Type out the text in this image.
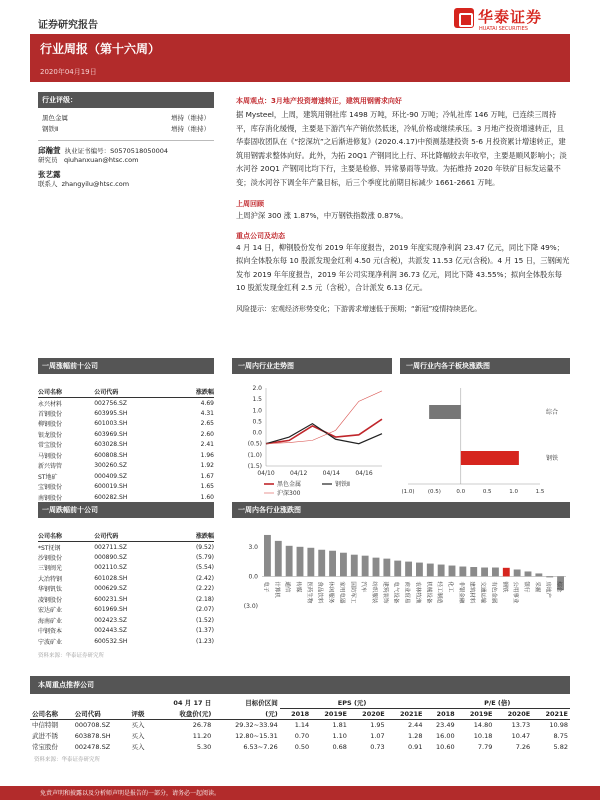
证券研究报告	华泰证券
HUATAI SECURITIES
行业周报（第十六周）
2020年04月19日
行业评级：
黑色金属	增持（维持）
钢铁Ⅱ	增持（维持）
邱瀚萱 执业证书编号：S0570518050004
研究员	qiuhanxuan@htsc.com
张艺露
联系人 zhangyilu@htsc.com
本周观点：3月地产投资增速转正，建筑用钢需求向好
据 Mysteel，上周，建筑用钢社库 1498 万吨，环比-90 万吨；冷轧社库 146 万吨，已连续三周持平，库存消化缓慢，主要是下游汽车产销依然低迷，冷轧价格或继续承压。3 月地产投资增速转正，且华泰固收团队在《“挖深坑”之后渐进修复》(2020.4.17)中预测基建投资 5-6 月投资累计增速转正，建筑用钢需求整体向好。此外，为拓 20Q1 产钢同比上行、环比降幅较去年收窄，主要是順风影响小；淡水河谷 20Q1 产钢同比均下行，主要是检修、异常暴雨等导致。为拓维持 2020 年铁矿目标发运量不变；淡水河谷下调全年产量目标，后三个季度比前期目标减少 1661-2661 万吨。
上周回顾
上周沪深 300 涨 1.87%，中万钢铁指数涨 0.87%。
重点公司及动态
4 月 14 日，柳钢股份发布 2019 年年度报告，2019 年度实现净利润 23.47 亿元，同比下降 49%；拟向全体股东每 10 股派发现金红利 4.50 元(含税)，共派发 11.53 亿元(含税)。4 月 15 日，三钢闽光发布 2019 年年度报告，2019 年公司实现净利润 36.73 亿元，同比下降 43.55%；拟向全体股东每 10 股派发现金红利 2.5 元（含税），合计派发 6.13 亿元。
风险提示：宏观经济形势变化；下游需求增速低于预期；“新冠”疫情持续恶化。
一周涨幅前十公司
公司名称	公司代码	涨跌幅
永兴材料	002756.SZ	4.69
首钢股份	603995.SH	4.31
柳钢股份	601003.SH	2.65
银龙股份	603969.SH	2.60
常宝股份	603028.SH	2.41
马钢股份	600808.SH	1.96
新兴铸管	300260.SZ	1.92
ST地矿	000409.SZ	1.67
宝钢股份	600019.SH	1.65
南钢股份	600282.SH	1.60
一周跌幅前十公司
公司名称	公司代码	涨跌幅
*ST抚钢	002711.SZ	(9.52)
沙钢股份	000890.SZ	(5.79)
三钢闽光	002110.SZ	(5.54)
大冶特钢	601028.SH	(2.42)
华钢钒钛	000629.SZ	(2.22)
凌钢股份	600231.SH	(2.18)
宏达矿业	601969.SH	(2.07)
海南矿业	002423.SZ	(1.52)
中钢资本	002443.SZ	(1.37)
宁波矿业	600532.SH	(1.23)
资料来源：华泰证券研究所
一周内行业走势图
2.0
1.5
1.0
0.5
0.0
(0.5)
(1.0)
(1.5)
04/10	04/12	04/14	04/16
黑色金属	钢铁Ⅱ
沪深300
一周行业内各子板块涨跌图
(1.0) (0.5)	0.0	0.5	1.0	1.5
综合
钢铁
一周内各行业涨跌图
3.0
0.0
(3.0)
电子 计算机 通信 传媒 医药生物 食品饮料 休闲服务 家用电器 国防军工 汽车 纺织服装 建筑装饰 电气设备 商业贸易 农林牧渔 机械设备 轻工制造 化工 非银金融 建筑材料 交通运输 有色金属 钢铁 公用事业 银行 采掘 房地产 综合
本周重点推荐公司
			04 月 17 日	目标价区间	EPS (元)				P/E (倍)			
公司名称	公司代码	评级	收盘价(元)	(元)	2018	2019E	2020E	2021E	2018	2019E	2020E	2021E
中信特钢	000708.SZ	买入	26.78	29.32~33.94	1.14	1.81	1.95	2.44	23.49	14.80	13.73	10.98
武进不锈	603878.SH	买入	11.20	12.80~15.31	0.70	1.10	1.07	1.28	16.00	10.18	10.47	8.75
常宝股份	002478.SZ	买入	5.30	6.53~7.26	0.50	0.68	0.73	0.91	10.60	7.79	7.26	5.82
资料来源：华泰证券研究所
免责声明和披露以及分析师声明是报告的一部分，请务必一起阅读。
